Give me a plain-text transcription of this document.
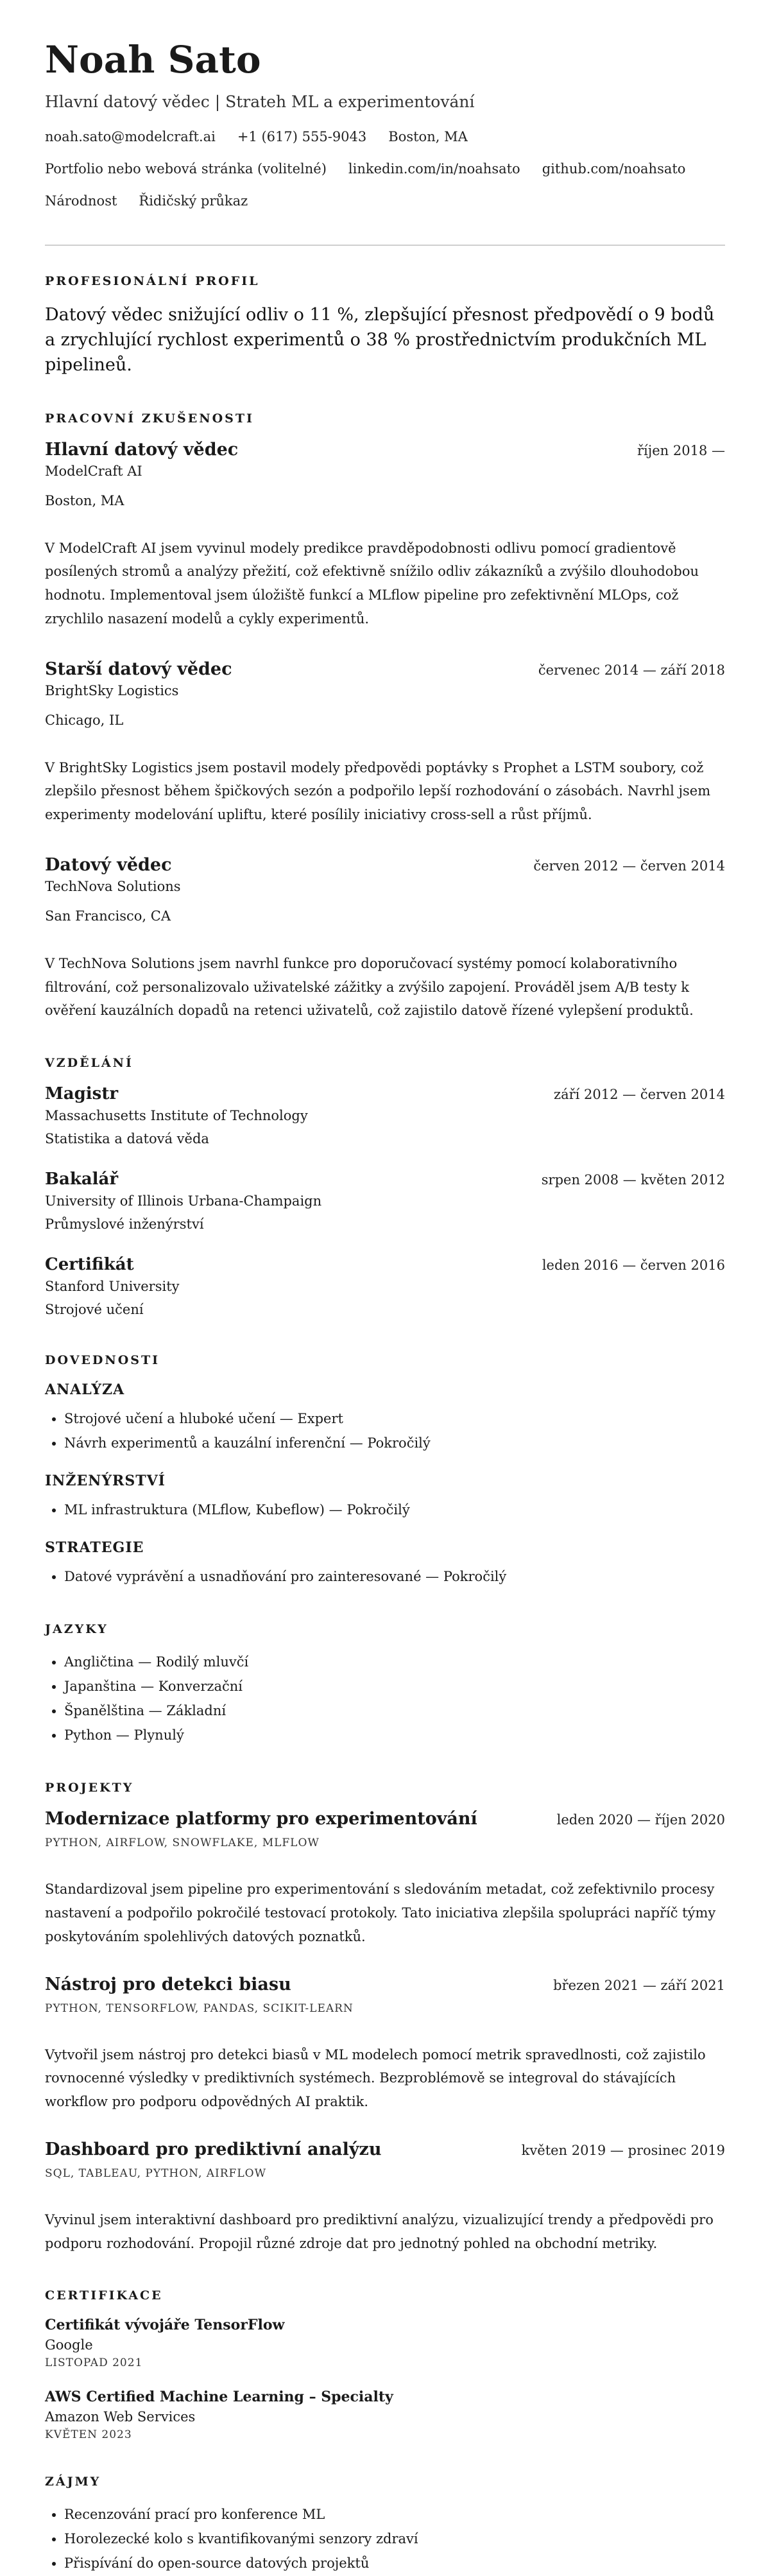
Noah Sato
Hlavní datový vědec | Strateh ML a experimentování
noah.sato@modelcraft.ai +1 (617) 555-9043 Boston, MA
Portfolio nebo webová stránka (volitelné) linkedin.com/in/noahsato github.com/noahsato
Národnost Řidičský průkaz
PROFESIONÁLNÍ PROFIL

Datový vědec snižující odliv o 11 %, zlepšující přesnost předpovědí o 9 bodů a zrychlující rychlost experimentů o 38 % prostřednictvím produkčních ML pipelineů.

PRACOVNÍ ZKUŠENOSTI
Hlavní datový vědec	říjen 2018 —
ModelCraft AI
Boston, MA
V ModelCraft AI jsem vyvinul modely predikce pravděpodobnosti odlivu pomocí gradientově posílených stromů a analýzy přežití, což efektivně snížilo odliv zákazníků a zvýšilo dlouhodobou hodnotu. Implementoval jsem úložiště funkcí a MLflow pipeline pro zefektivnění MLOps, což zrychlilo nasazení modelů a cykly experimentů.
Starší datový vědec	červenec 2014 — září 2018
BrightSky Logistics
Chicago, IL
V BrightSky Logistics jsem postavil modely předpovědi poptávky s Prophet a LSTM soubory, což zlepšilo přesnost během špičkových sezón a podpořilo lepší rozhodování o zásobách. Navrhl jsem experimenty modelování upliftu, které posílily iniciativy cross-sell a růst příjmů.
Datový vědec	červen 2012 — červen 2014
TechNova Solutions
San Francisco, CA
V TechNova Solutions jsem navrhl funkce pro doporučovací systémy pomocí kolaborativního filtrování, což personalizovalo uživatelské zážitky a zvýšilo zapojení. Prováděl jsem A/B testy k ověření kauzálních dopadů na retenci uživatelů, což zajistilo datově řízené vylepšení produktů.
VZDĚLÁNÍ
Magistr	září 2012 — červen 2014
Massachusetts Institute of Technology
Statistika a datová věda
Bakalář	srpen 2008 — květen 2012
University of Illinois Urbana-Champaign
Průmyslové inženýrství
Certifikát	leden 2016 — červen 2016
Stanford University
Strojové učení
DOVEDNOSTI
ANALÝZA
• Strojové učení a hluboké učení — Expert
• Návrh experimentů a kauzální inferenční — Pokročilý
INŽENÝRSTVÍ
• ML infrastruktura (MLflow, Kubeflow) — Pokročilý
STRATEGIE
• Datové vyprávění a usnadňování pro zainteresované — Pokročilý
JAZYKY
• Angličtina — Rodilý mluvčí
• Japanština — Konverzační
• Španělština — Základní
• Python — Plynulý
PROJEKTY
Modernizace platformy pro experimentování	leden 2020 — říjen 2020
PYTHON, AIRFLOW, SNOWFLAKE, MLFLOW
Standardizoval jsem pipeline pro experimentování s sledováním metadat, což zefektivnilo procesy nastavení a podpořilo pokročilé testovací protokoly. Tato iniciativa zlepšila spolupráci napříč týmy poskytováním spolehlivých datových poznatků.
Nástroj pro detekci biasu	březen 2021 — září 2021
PYTHON, TENSORFLOW, PANDAS, SCIKIT-LEARN
Vytvořil jsem nástroj pro detekci biasů v ML modelech pomocí metrik spravedlnosti, což zajistilo rovnocenné výsledky v prediktivních systémech. Bezproblémově se integroval do stávajících workflow pro podporu odpovědných AI praktik.
Dashboard pro prediktivní analýzu	květen 2019 — prosinec 2019
SQL, TABLEAU, PYTHON, AIRFLOW
Vyvinul jsem interaktivní dashboard pro prediktivní analýzu, vizualizující trendy a předpovědi pro podporu rozhodování. Propojil různé zdroje dat pro jednotný pohled na obchodní metriky.
CERTIFIKACE
Certifikát vývojáře TensorFlow
Google
LISTOPAD 2021
AWS Certified Machine Learning – Specialty
Amazon Web Services
KVĚTEN 2023
ZÁJMY
• Recenzování prací pro konference ML
• Horolezecké kolo s kvantifikovanými senzory zdraví
• Přispívání do open-source datových projektů
